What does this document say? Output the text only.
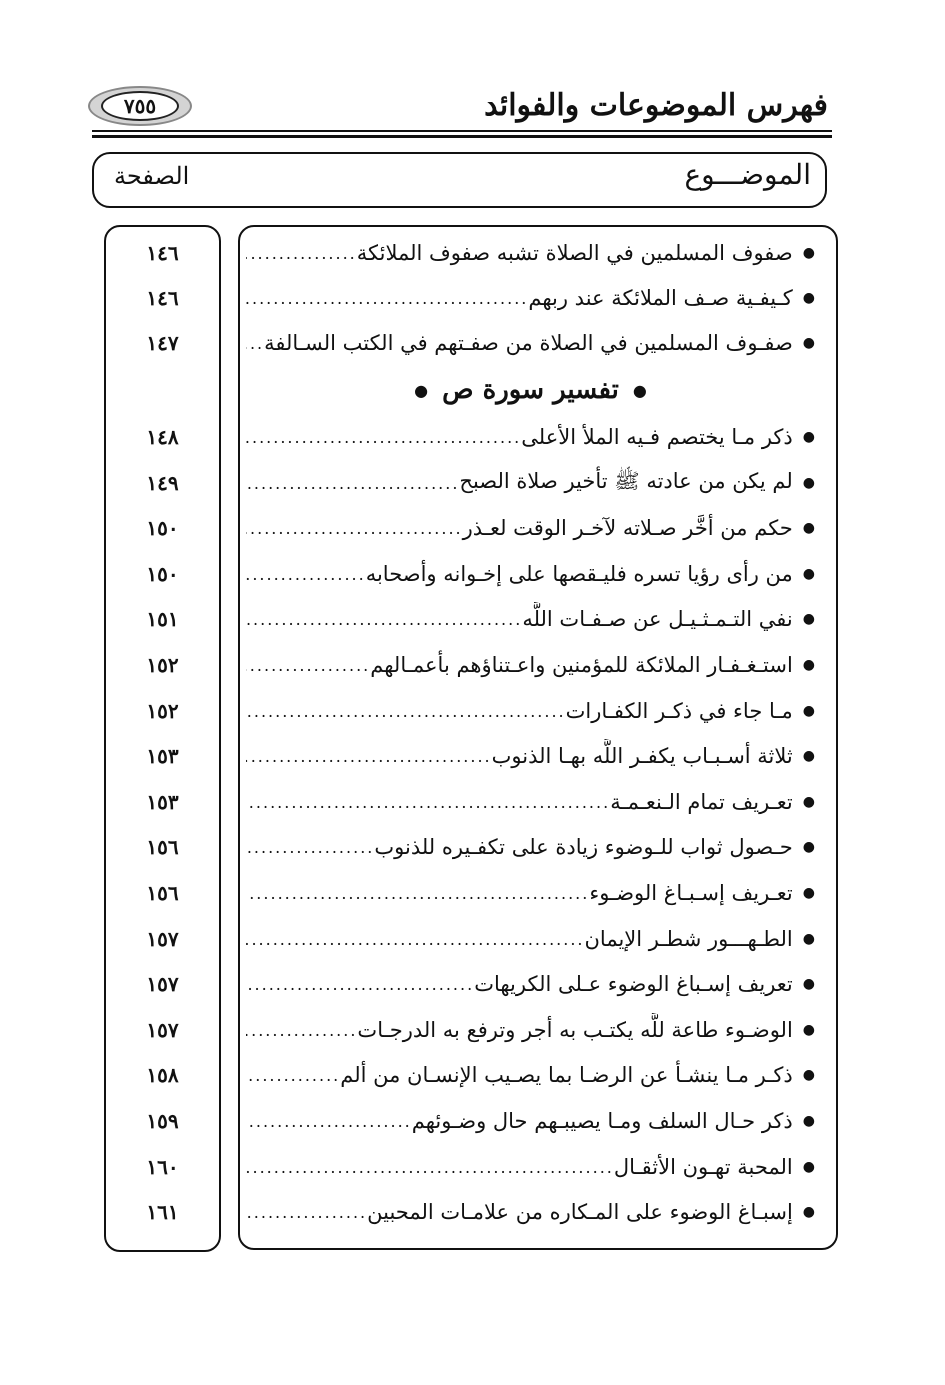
٧٥٥	فهرس الموضوعات والفوائد
الموضـــوع
الصفحة
●
صفوف المسلمين في الصلاة تشبه صفوف الملائكة
.....
١٤٦
●
كـيفـية صـف الملائكة عند ربهم
.....
١٤٦
●
صفـوف المسلمين في الصلاة من صفـتهم في الكتب السـالفة
.....
١٤٧
●
تفسير سورة ص
●
●
ذكر مـا يختصم فـيه الملأ الأعلى
.....
١٤٨
●
لم يكن من عادته ﷺ تأخير صلاة الصبح
.....
١٤٩
●
حكم من أخَّر صـلاته لآخـر الوقت لعـذر
.....
١٥٠
●
من رأى رؤيا تسره فليـقصها على إخـوانه وأصحابه
.....
١٥٠
●
نفي التـمـثـيـل عن صـفـات اللَّه
.....
١٥١
●
استـغـفـار الملائكة للمؤمنين واعـتناؤهم بأعمـالهم
.....
١٥٢
●
مـا جاء في ذكـر الكفـارات
.....
١٥٢
●
ثلاثة أسـبـاب يكفـر اللَّه بهـا الذنوب
.....
١٥٣
●
تعـريف تمام الـنعـمـة
.....
١٥٣
●
حـصول ثواب للـوضوء زيادة على تكفـيره للذنوب
.....
١٥٦
●
تعـريف إسـبـاغ الوضـوء
.....
١٥٦
●
الطـهـــور شطـر الإيمان
.....
١٥٧
●
تعريف إسـباغ الوضوء عـلى الكريهات
.....
١٥٧
●
الوضـوء طاعة للَّه يكتـب به أجر وترفع به الدرجـات
.....
١٥٧
●
ذكـر مـا ينشـأ عن الرضـا بما يصـيب الإنسـان من ألم
.....
١٥٨
●
ذكر حـال السلف ومـا يصيبـهم حال وضـوئهم
.....
١٥٩
●
المحبة تهـون الأثقـال
.....
١٦٠
●
إسبـاغ الوضوء على المـكاره من علامـات المحبين
.....
١٦١
